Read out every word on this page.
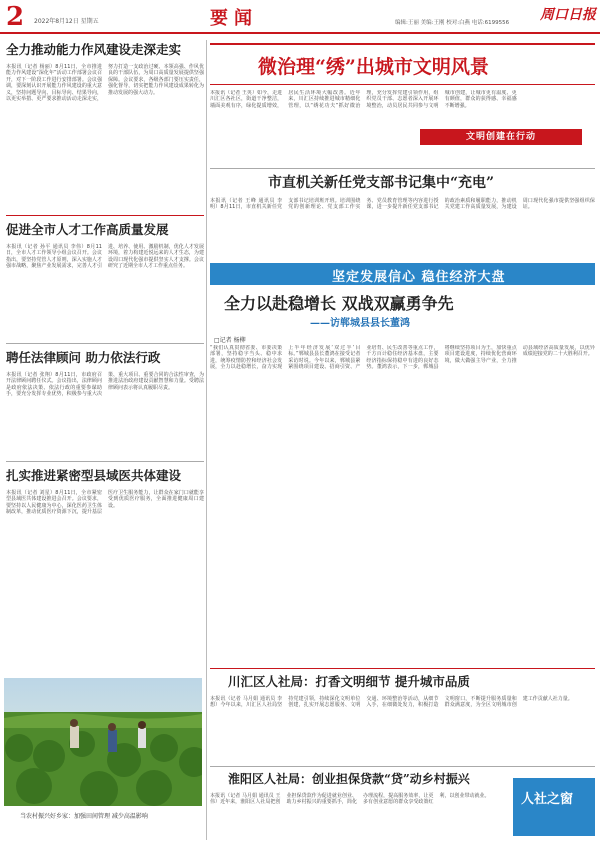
2 2022年8月12日 星期五	要闻	编辑:王丽 美编:王刚 校对:白燕 电话:6199556 周口日报
全力推动能力作风建设走深走实
本报讯（记者 杨丽）8月11日，全市推进能力作风建设“深化年”活动工作部署会议召开，对下一阶段工作进行安排部署。会议强调，要深刻认识开展能力作风建设的重大意义，坚持问题导向、目标导向、结果导向，以更实举措、更严要求推动活动走深走实，努力打造一支政治过硬、本领高强、作风优良的干部队伍，为周口高质量发展提供坚强保障。会议要求，各级各部门要压实责任，强化督导，切实把能力作风建设成果转化为推动发展的强大动力。
促进全市人才工作高质量发展
本报讯（记者 孙平 通讯员 李伟）8月11日，全市人才工作领导小组会议召开。会议指出，要坚持党管人才原则，深入实施人才强市战略，聚焦产业发展需求，完善人才引进、培养、使用、激励机制，优化人才发展环境，着力构建近悦远来的人才生态，为建设周口现代化强市提供坚实人才支撑。会议研究了近期全市人才工作重点任务。
聘任法律顾问 助力依法行政
本报讯（记者 张翔）8月11日，市政府召开法律顾问聘任仪式。会议指出，法律顾问是政府依法决策、依法行政的重要参谋助手，要充分发挥专业优势，积极参与重大决策、重大项目、重要合同的合法性审查，为推进法治政府建设贡献智慧和力量。受聘法律顾问表示将认真履职尽责。
扎实推进紧密型县域医共体建设
本报讯（记者 刘星）8月11日，全市紧密型县域医共体建设推进会召开。会议要求，要坚持以人民健康为中心，深化医药卫生体制改革，推动优质医疗资源下沉，提升基层医疗卫生服务能力，让群众在家门口就能享受到优质医疗服务，全面推进健康周口建设。
当农村振兴好乡家：加强田间管理 减少高温影响
微治理“绣”出城市文明风景
本报讯（记者 王英）如今，走进川汇区各社区，街道干净整洁，墙面美观有序，绿化提质增效，居民生活环境大幅改善。近年来，川汇区持续推进城市精细化管理，以“绣花功夫”抓好微治理，充分发挥党建引领作用，组织党员干部、志愿者深入开展环境整治，动员居民共同参与文明城市创建，让城市更有温度、更有颜值，群众的获得感、幸福感不断增强。
文明创建在行动
市直机关新任党支部书记集中“充电”
本报讯（记者 王峰 通讯员 李明）8月11日，市直机关新任党支部书记培训班开班。培训围绕党的创新理论、党支部工作实务、党员教育管理等内容进行授课，进一步提升新任党支部书记的政治素质和履职能力，推动机关党建工作高质量发展，为建设周口现代化强市提供坚强组织保证。
坚定发展信心 稳住经济大盘
全力以赴稳增长 双战双赢勇争先
——访郸城县县长董鸿
□记者 杨柳
“我们认真贯彻省委、市委决策部署，坚持稳字当头、稳中求进，统筹疫情防控和经济社会发展，全力以赴稳增长，奋力实现上半年经济发展‘双过半’目标。”郸城县县长董鸿在接受记者采访时说。今年以来，郸城县紧紧围绕项目建设、招商引资、产业培育、民生改善等重点工作，千方百计稳住经济基本盘，主要经济指标保持稳中有进的良好态势。董鸿表示，下一步，郸城县将继续坚持项目为王，加快重点项目建设进度，持续优化营商环境，做大做强主导产业，全力推动县域经济高质量发展，以优异成绩迎接党的二十大胜利召开。
川汇区人社局：打香文明细节 提升城市品质
本报讯（记者 马月娟 通讯员 李想）今年以来，川汇区人社局坚持党建引领，持续深化文明单位创建，扎实开展志愿服务、文明交通、环境整治等活动，从细节入手，在细微处发力，积极打造文明窗口，不断提升服务质量和群众满意度，为全区文明城市创建工作贡献人社力量。
淮阳区人社局：创业担保贷款“贷”动乡村振兴
本报讯（记者 马月娟 通讯员 王伟）近年来，淮阳区人社局把创业担保贷款作为促进就业创业、助力乡村振兴的重要抓手，简化办理流程，提高服务效率，让更多有创业意愿的群众享受政策红利，以创业带动就业。	人社之窗
